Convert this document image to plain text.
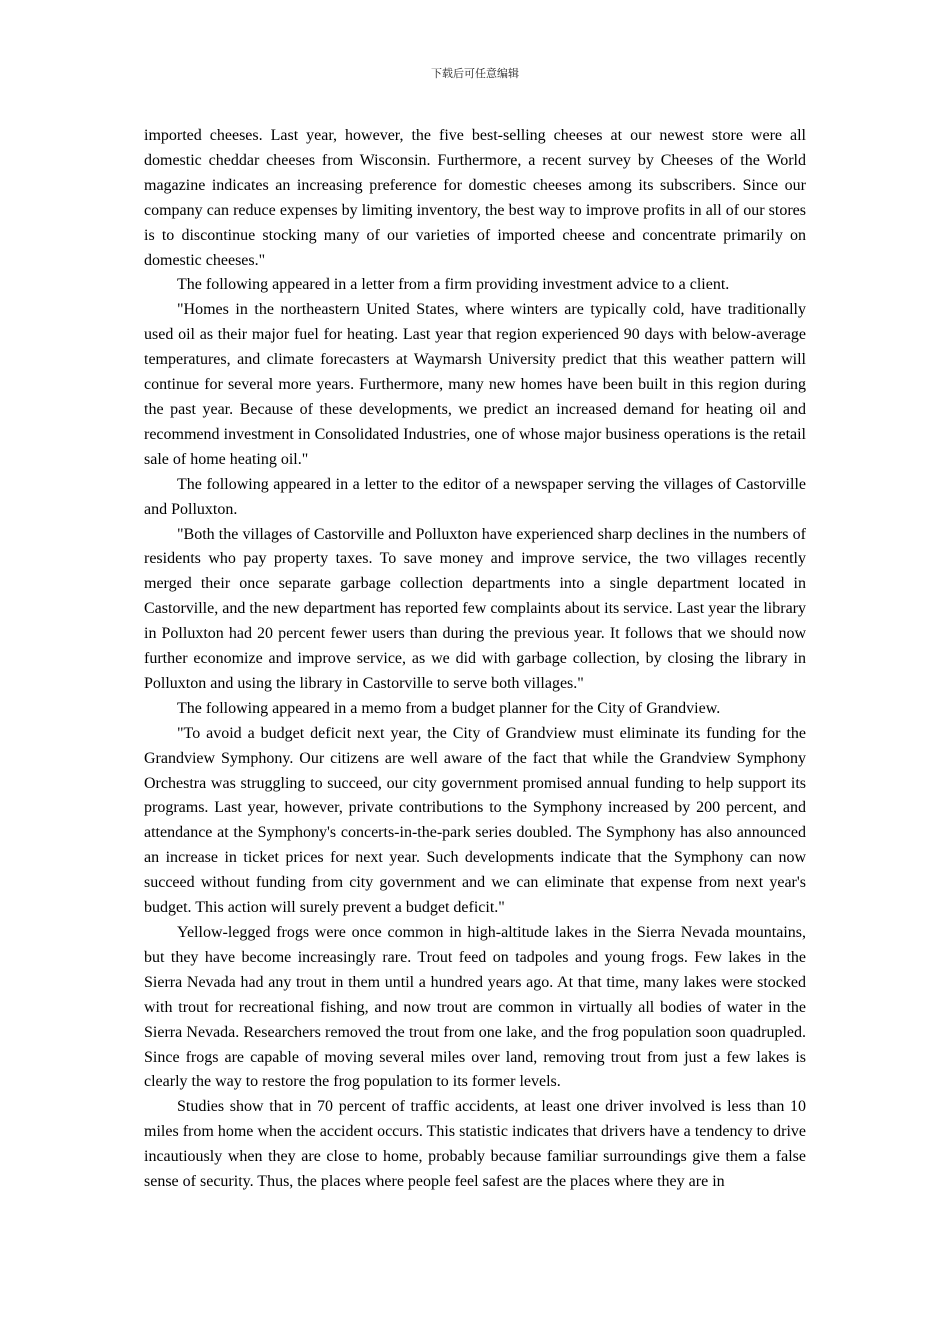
下载后可任意编辑

imported cheeses. Last year, however, the five best-selling cheeses at our newest store were all domestic cheddar cheeses from Wisconsin. Furthermore, a recent survey by Cheeses of the World magazine indicates an increasing preference for domestic cheeses among its subscribers. Since our company can reduce expenses by limiting inventory, the best way to improve profits in all of our stores is to discontinue stocking many of our varieties of imported cheese and concentrate primarily on domestic cheeses."

The following appeared in a letter from a firm providing investment advice to a client.

"Homes in the northeastern United States, where winters are typically cold, have traditionally used oil as their major fuel for heating. Last year that region experienced 90 days with below-average temperatures, and climate forecasters at Waymarsh University predict that this weather pattern will continue for several more years. Furthermore, many new homes have been built in this region during the past year. Because of these developments, we predict an increased demand for heating oil and recommend investment in Consolidated Industries, one of whose major business operations is the retail sale of home heating oil."

The following appeared in a letter to the editor of a newspaper serving the villages of Castorville and Polluxton.

"Both the villages of Castorville and Polluxton have experienced sharp declines in the numbers of residents who pay property taxes. To save money and improve service, the two villages recently merged their once separate garbage collection departments into a single department located in Castorville, and the new department has reported few complaints about its service. Last year the library in Polluxton had 20 percent fewer users than during the previous year. It follows that we should now further economize and improve service, as we did with garbage collection, by closing the library in Polluxton and using the library in Castorville to serve both villages."

The following appeared in a memo from a budget planner for the City of Grandview.

"To avoid a budget deficit next year, the City of Grandview must eliminate its funding for the Grandview Symphony. Our citizens are well aware of the fact that while the Grandview Symphony Orchestra was struggling to succeed, our city government promised annual funding to help support its programs. Last year, however, private contributions to the Symphony increased by 200 percent, and attendance at the Symphony's concerts-in-the-park series doubled. The Symphony has also announced an increase in ticket prices for next year. Such developments indicate that the Symphony can now succeed without funding from city government and we can eliminate that expense from next year's budget. This action will surely prevent a budget deficit."

Yellow-legged frogs were once common in high-altitude lakes in the Sierra Nevada mountains, but they have become increasingly rare. Trout feed on tadpoles and young frogs. Few lakes in the Sierra Nevada had any trout in them until a hundred years ago. At that time, many lakes were stocked with trout for recreational fishing, and now trout are common in virtually all bodies of water in the Sierra Nevada. Researchers removed the trout from one lake, and the frog population soon quadrupled. Since frogs are capable of moving several miles over land, removing trout from just a few lakes is clearly the way to restore the frog population to its former levels.

Studies show that in 70 percent of traffic accidents, at least one driver involved is less than 10 miles from home when the accident occurs. This statistic indicates that drivers have a tendency to drive incautiously when they are close to home, probably because familiar surroundings give them a false sense of security. Thus, the places where people feel safest are the places where they are in
